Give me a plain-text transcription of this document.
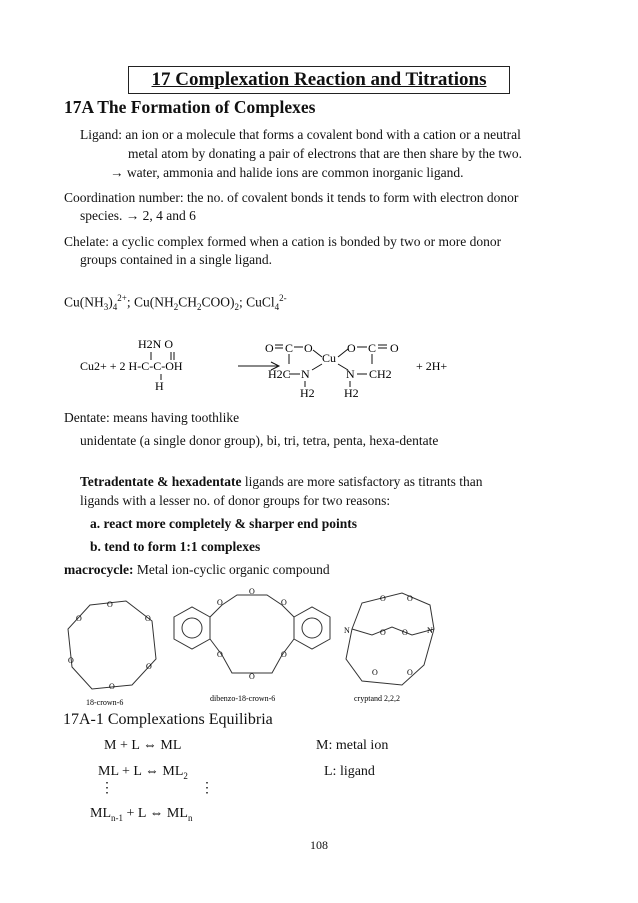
17 Complexation Reaction and Titrations
17A The Formation of Complexes
Ligand: an ion or a molecule that forms a covalent bond with a cation or a neutral
metal atom by donating a pair of electrons that are then share by the two.
→ water, ammonia and halide ions are common inorganic ligand.
Coordination number: the no. of covalent bonds it tends to form with electron donor
species. → 2, 4 and 6
Chelate: a cyclic complex formed when a cation is bonded by two or more donor
groups contained in a single ligand.
$Cu(NH_3)_4^{2+}$; $Cu(NH_2CH_2COO)_2$; CuCl$_4^{2-}$
H2N O
Cu2+ + 2 H-C-C-OH
H
O C O
Cu
O C O
H2C N	N CH2
H2 H2
+ 2H+
Dentate: means having toothlike
unidentate (a single donor group), bi, tri, tetra, penta, hexa-dentate
Tetradentate & hexadentate ligands are more satisfactory as titrants than
ligands with a lesser no. of donor groups for two reasons:
a. react more completely & sharper end points
b. tend to form 1:1 complexes
macrocycle: Metal ion-cyclic organic compound
O
O	O
O
O
O
18-crown-6
O	O
O
O	O
O
dibenzo-18-crown-6
N	N
O	O
O O
O	O
cryptand 2,2,2
17A-1 Complexations Equilibria
M + L ⇔ ML	M: metal ion
ML + L ⇔ $ML_2$	L: ligand
⋮	⋮
$ML_{n-1} + L$ ⇔ $ML_n$
108
